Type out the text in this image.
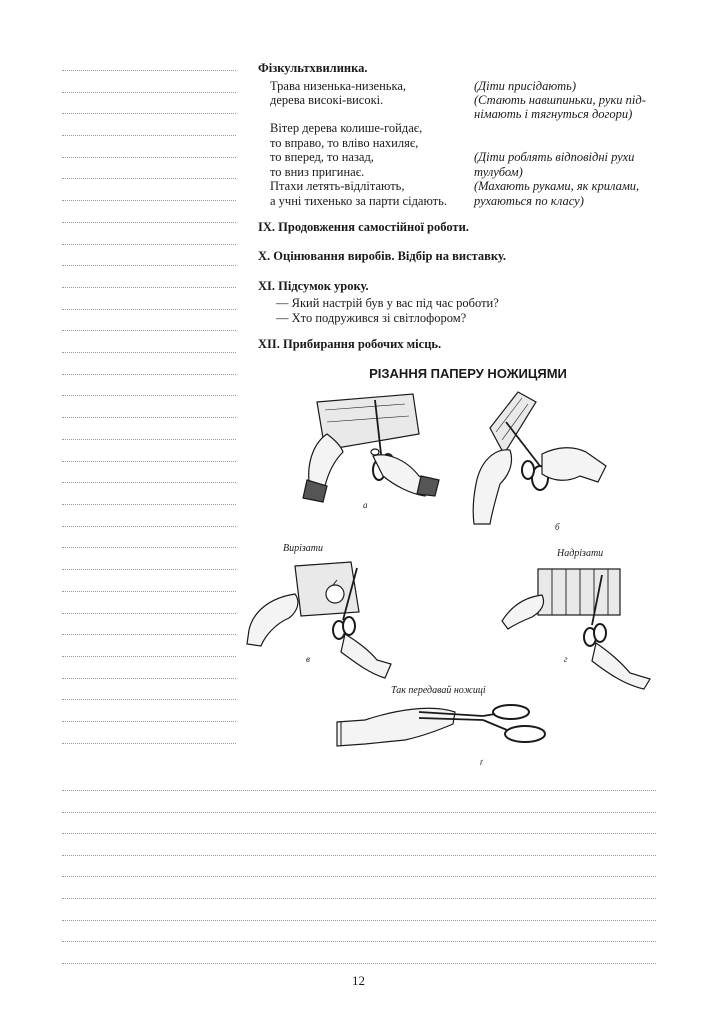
Фізкультхвилинка.
Трава низенька-низенька,
дерева високі-високі.
Вітер дерева колише-гойдає,
то вправо, то вліво нахиляє,
то вперед, то назад,
то вниз пригинає.
Птахи летять-відлітають,
а учні тихенько за парти сідають.
(Діти присідають)
(Стають навшпиньки, руки під-
німають і тягнуться догори)
(Діти роблять відповідні рухи
тулубом)
(Махають руками, як крилами,
рухаються по класу)
IX. Продовження самостійної роботи.
X. Оцінювання виробів. Відбір на виставку.
XI. Підсумок уроку.
— Який настрій був у вас під час роботи?
— Хто подружився зі світлофором?
XII. Прибирання робочих місць.
РІЗАННЯ ПАПЕРУ НОЖИЦЯМИ
а
б
Вирізати	Надрізати
в	г
Так передавай ножиці
ґ
12
